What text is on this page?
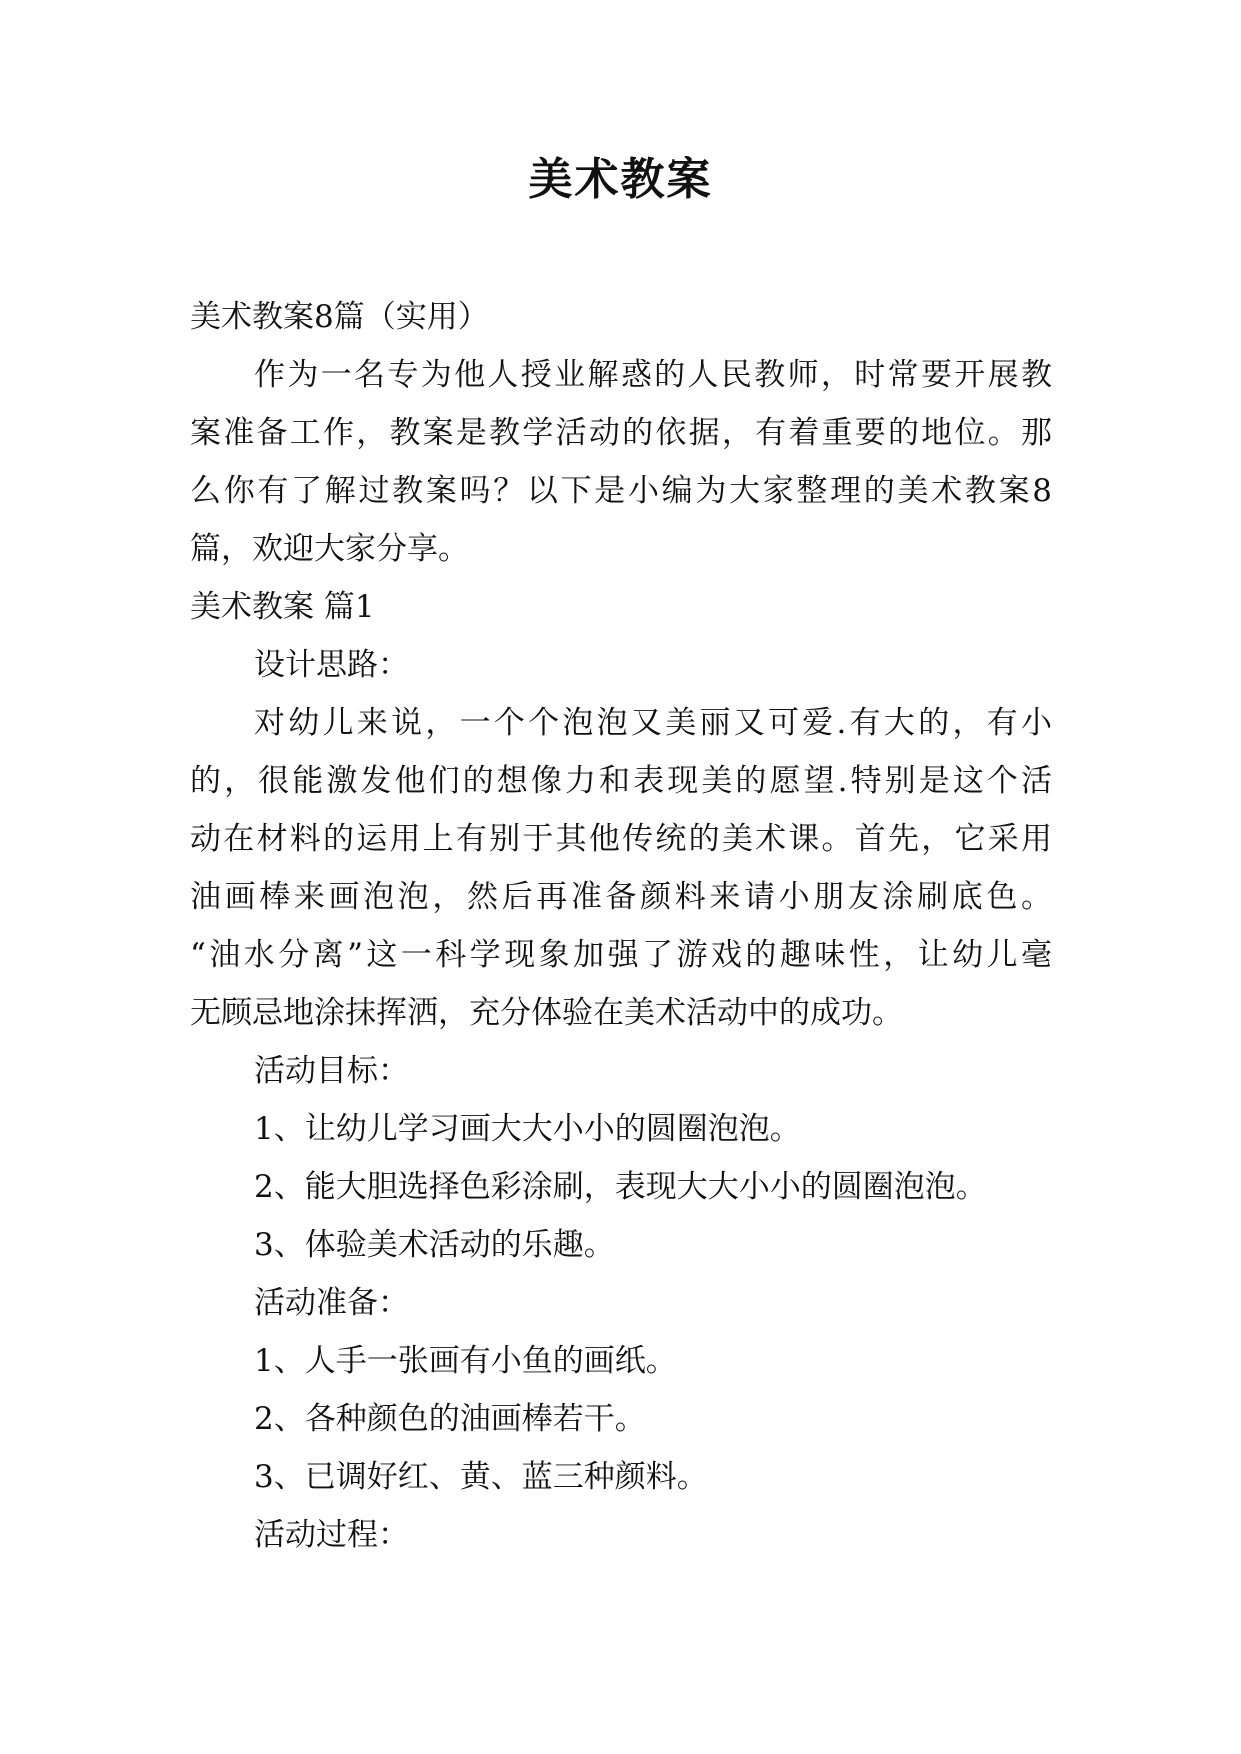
美术教案

美术教案8篇（实用）

作为一名专为他人授业解惑的人民教师，时常要开展教

案准备工作，教案是教学活动的依据，有着重要的地位。那

么你有了解过教案吗？以下是小编为大家整理的美术教案8

篇，欢迎大家分享。

美术教案 篇1

设计思路：

对幼儿来说，一个个泡泡又美丽又可爱.有大的，有小

的，很能激发他们的想像力和表现美的愿望.特别是这个活

动在材料的运用上有别于其他传统的美术课。首先，它采用

油画棒来画泡泡，然后再准备颜料来请小朋友涂刷底色。

“油水分离”这一科学现象加强了游戏的趣味性，让幼儿毫

无顾忌地涂抹挥洒，充分体验在美术活动中的成功。

活动目标：

1、让幼儿学习画大大小小的圆圈泡泡。

2、能大胆选择色彩涂刷，表现大大小小的圆圈泡泡。

3、体验美术活动的乐趣。

活动准备：

1、人手一张画有小鱼的画纸。

2、各种颜色的油画棒若干。

3、已调好红、黄、蓝三种颜料。

活动过程：
